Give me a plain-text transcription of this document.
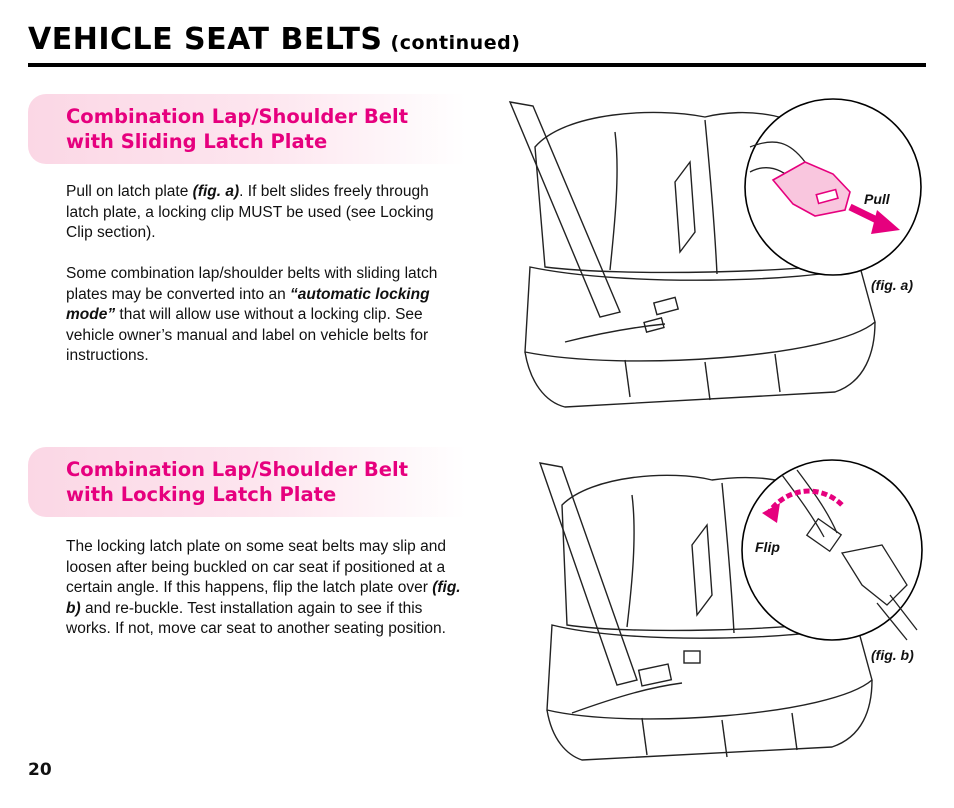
VEHICLE SEAT BELTS (continued)
Combination Lap/Shoulder Belt
with Sliding Latch Plate

Pull on latch plate (fig. a). If belt slides freely through latch plate, a locking clip MUST be used (see Locking Clip section).

Some combination lap/shoulder belts with sliding latch plates may be converted into an “automatic locking mode” that will allow use without a locking clip. See vehicle owner’s manual and label on vehicle belts for instructions.

Combination Lap/Shoulder Belt
with Locking Latch Plate

The locking latch plate on some seat belts may slip and loosen after being buckled on car seat if positioned at a certain angle. If this happens, flip the latch plate over (fig. b) and re-buckle. Test installation again to see if this works. If not, move car seat to another seating position.

Pull
(fig. a)
Flip
(fig. b)
20
